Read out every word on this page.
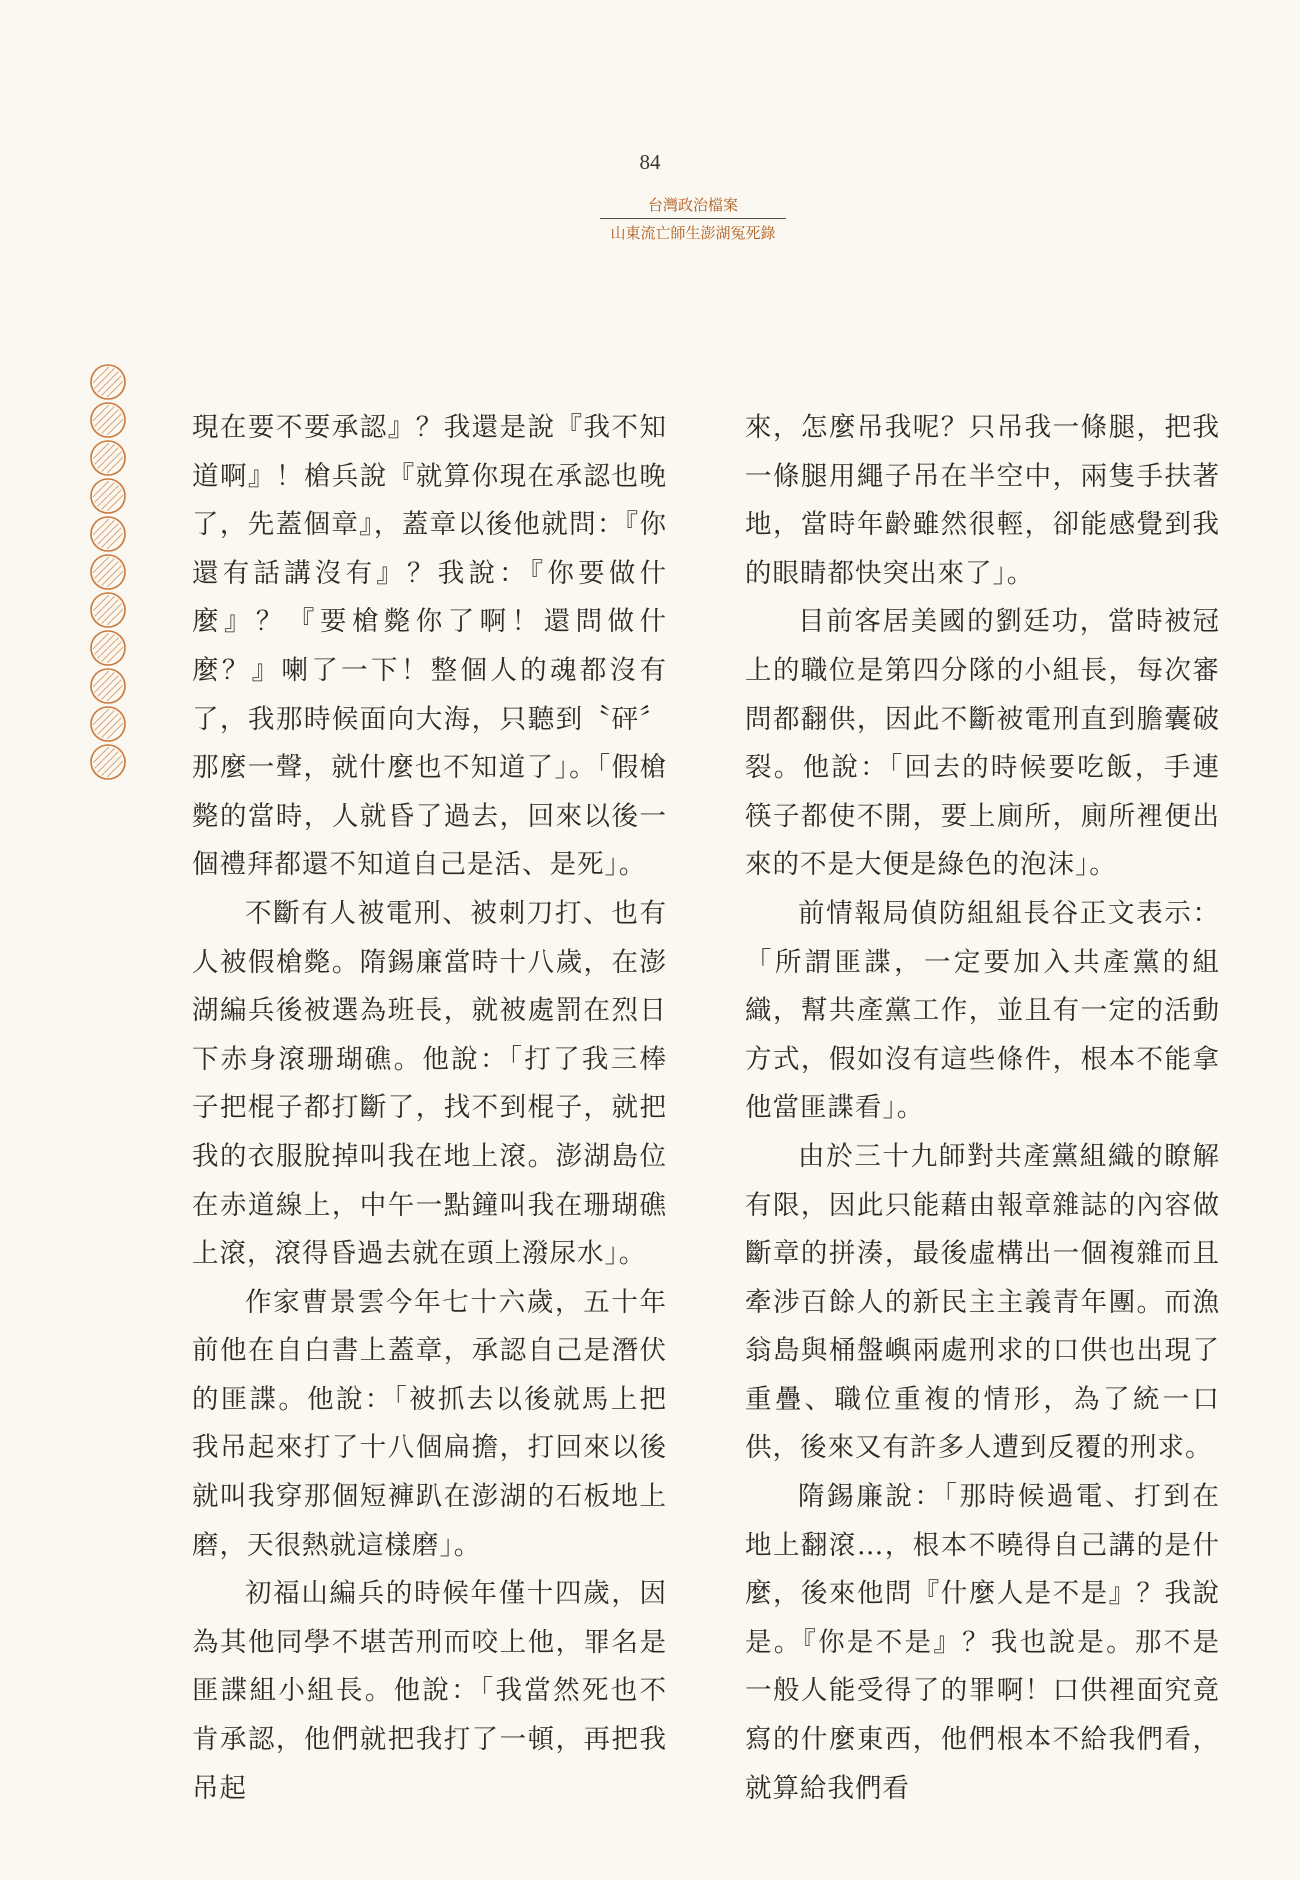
84
台灣政治檔案
山東流亡師生澎湖冤死錄

現在要不要承認』？我還是說『我不知道啊』！槍兵說『就算你現在承認也晚了，先蓋個章』，蓋章以後他就問：『你還有話講沒有』？我說：『你要做什麼』？『要槍斃你了啊！還問做什麼？』喇了一下！整個人的魂都沒有了，我那時候面向大海，只聽到〝砰〞那麼一聲，就什麼也不知道了」。「假槍斃的當時，人就昏了過去，回來以後一個禮拜都還不知道自己是活、是死」。

不斷有人被電刑、被刺刀打、也有人被假槍斃。隋錫廉當時十八歲，在澎湖編兵後被選為班長，就被處罰在烈日下赤身滾珊瑚礁。他說：「打了我三棒子把棍子都打斷了，找不到棍子，就把我的衣服脫掉叫我在地上滾。澎湖島位在赤道線上，中午一點鐘叫我在珊瑚礁上滾，滾得昏過去就在頭上潑尿水」。

作家曹景雲今年七十六歲，五十年前他在自白書上蓋章，承認自己是潛伏的匪諜。他說：「被抓去以後就馬上把我吊起來打了十八個扁擔，打回來以後就叫我穿那個短褲趴在澎湖的石板地上磨，天很熱就這樣磨」。

初福山編兵的時候年僅十四歲，因為其他同學不堪苦刑而咬上他，罪名是匪諜組小組長。他說：「我當然死也不肯承認，他們就把我打了一頓，再把我吊起

來，怎麼吊我呢？只吊我一條腿，把我一條腿用繩子吊在半空中，兩隻手扶著地，當時年齡雖然很輕，卻能感覺到我的眼睛都快突出來了」。

目前客居美國的劉廷功，當時被冠上的職位是第四分隊的小組長，每次審問都翻供，因此不斷被電刑直到膽囊破裂。他說：「回去的時候要吃飯，手連筷子都使不開，要上廁所，廁所裡便出來的不是大便是綠色的泡沫」。

前情報局偵防組組長谷正文表示：「所謂匪諜，一定要加入共產黨的組織，幫共產黨工作，並且有一定的活動方式，假如沒有這些條件，根本不能拿他當匪諜看」。

由於三十九師對共產黨組織的瞭解有限，因此只能藉由報章雜誌的內容做斷章的拼湊，最後虛構出一個複雜而且牽涉百餘人的新民主主義青年團。而漁翁島與桶盤嶼兩處刑求的口供也出現了重疊、職位重複的情形，為了統一口供，後來又有許多人遭到反覆的刑求。

隋錫廉說：「那時候過電、打到在地上翻滾…，根本不曉得自己講的是什麼，後來他問『什麼人是不是』？我說是。『你是不是』？我也說是。那不是一般人能受得了的罪啊！口供裡面究竟寫的什麼東西，他們根本不給我們看，就算給我們看
